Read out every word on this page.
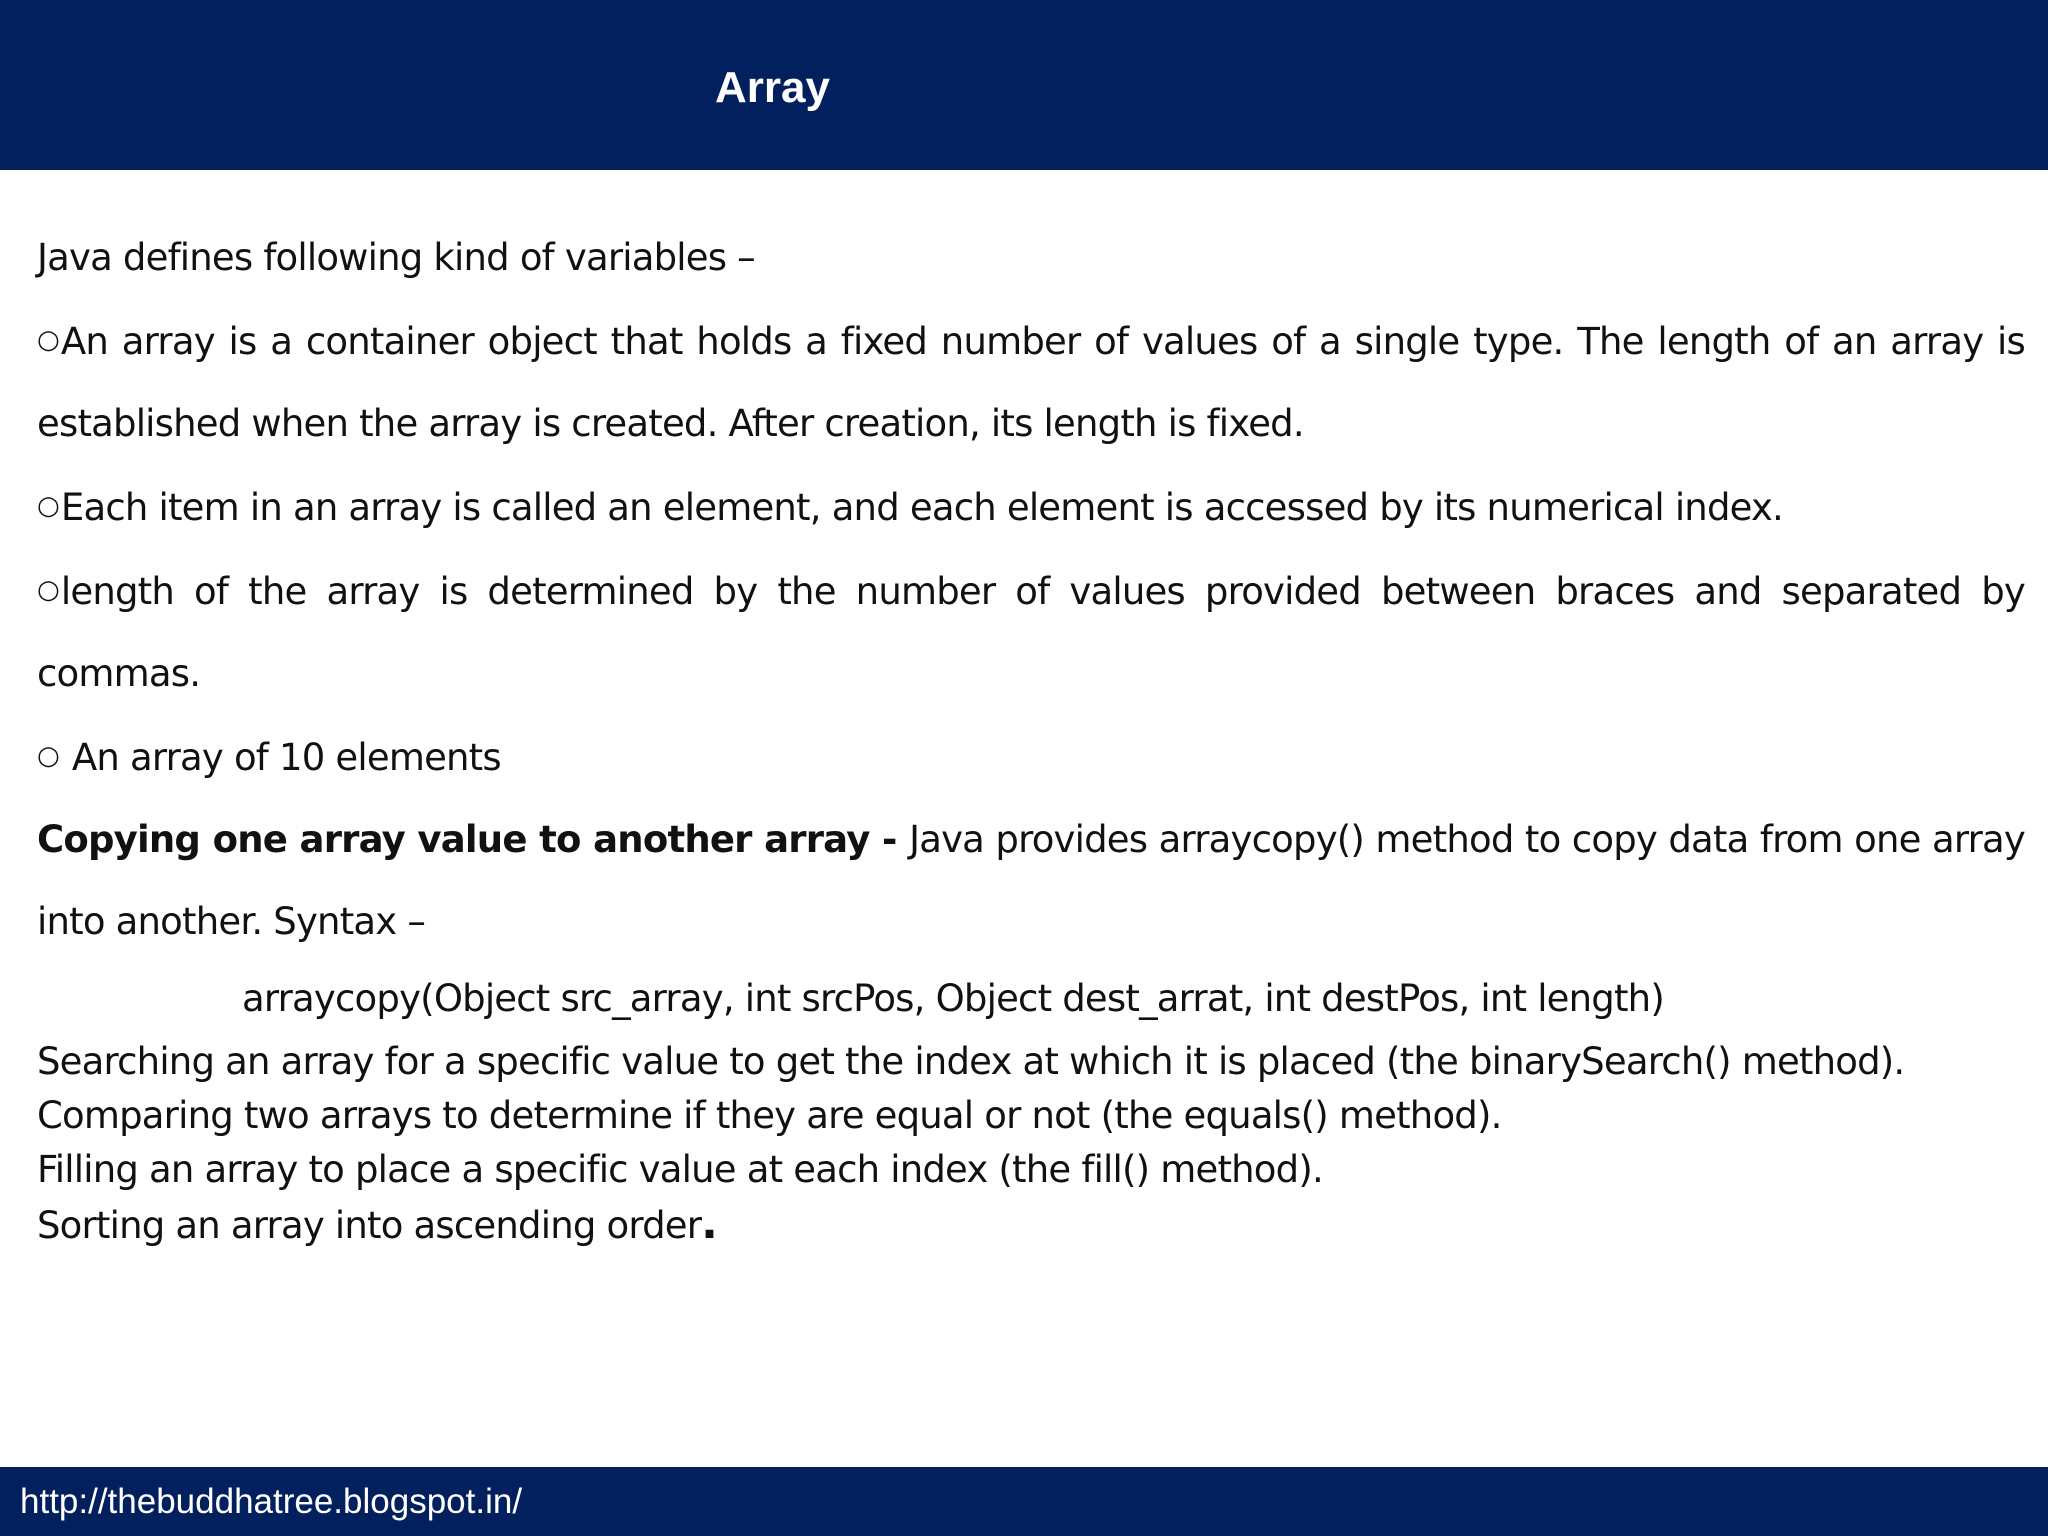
Array

Java defines following kind of variables –

○An array is a container object that holds a fixed number of values of a single type. The length of an array is established when the array is created. After creation, its length is fixed.

○Each item in an array is called an element, and each element is accessed by its numerical index.

○length of the array is determined by the number of values provided between braces and separated by commas.

○ An array of 10 elements

Copying one array value to another array - Java provides arraycopy() method to copy data from one array into another. Syntax –

arraycopy(Object src_array, int srcPos, Object dest_arrat, int destPos, int length)

Searching an array for a specific value to get the index at which it is placed (the binarySearch() method).

Comparing two arrays to determine if they are equal or not (the equals() method).

Filling an array to place a specific value at each index (the fill() method).

Sorting an array into ascending order.

http://thebuddhatree.blogspot.in/
